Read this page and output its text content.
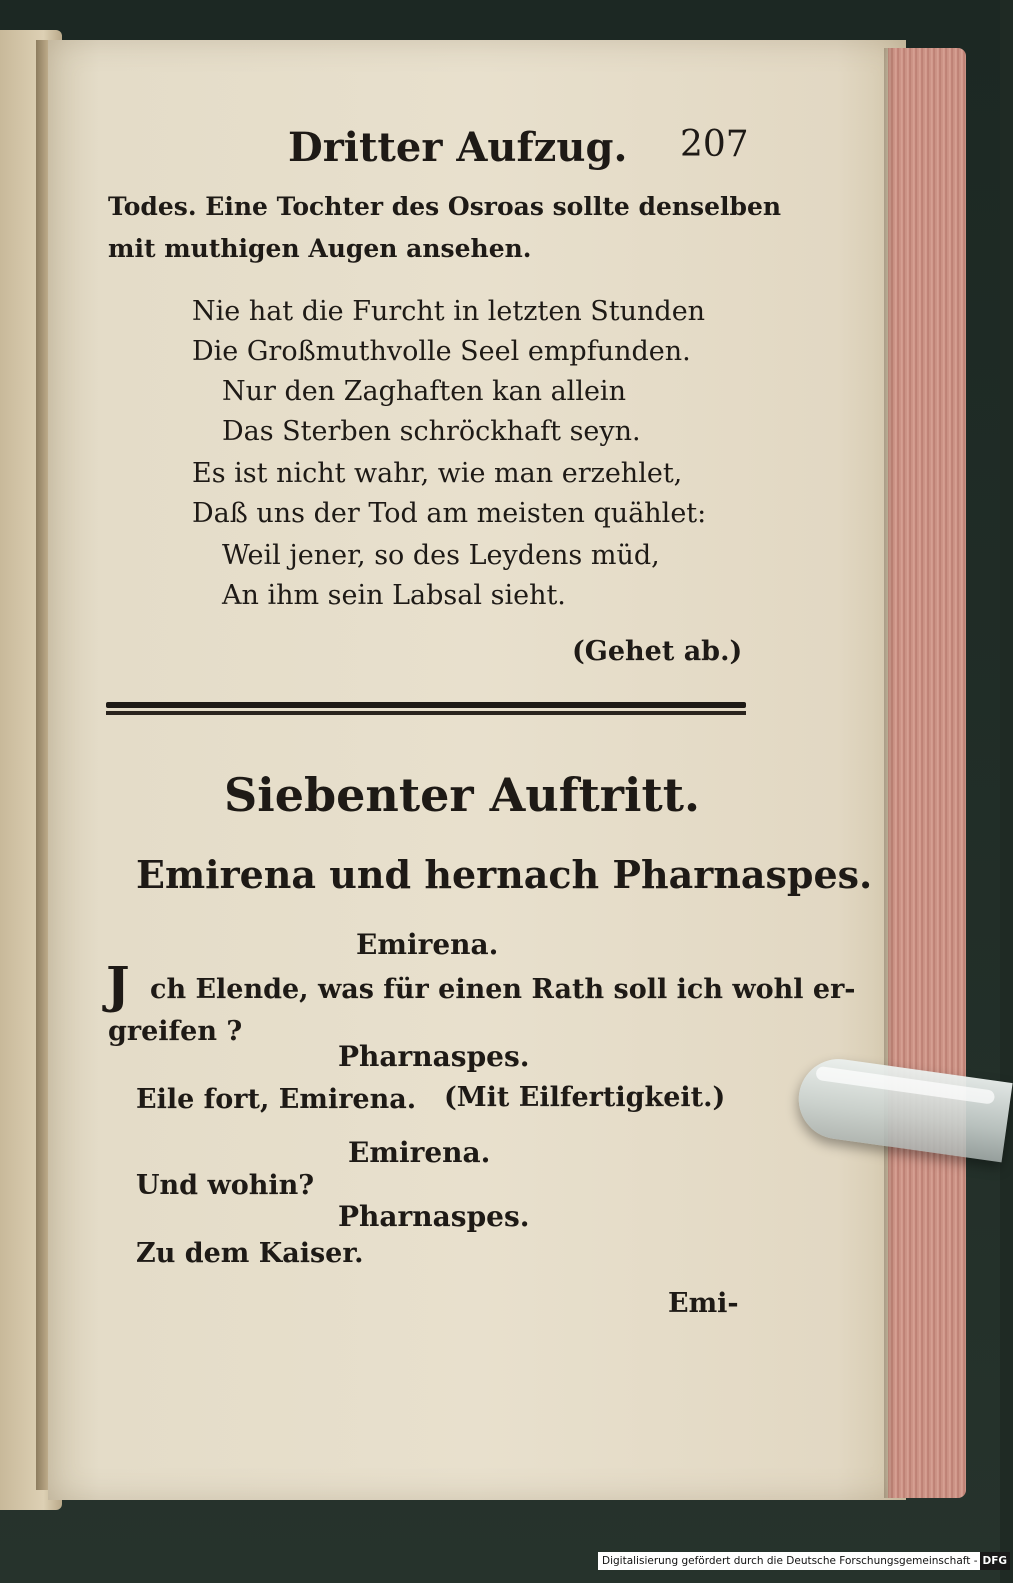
Dritter Aufzug. 207
Todes. Eine Tochter des Osroas sollte denselben
mit muthigen Augen ansehen.
Nie hat die Furcht in letzten Stunden
Die Großmuthvolle Seel empfunden.
Nur den Zaghaften kan allein
Das Sterben schröckhaft seyn.
Es ist nicht wahr, wie man erzehlet,
Daß uns der Tod am meisten quählet:
Weil jener, so des Leydens müd,
An ihm sein Labsal sieht.
(Gehet ab.)
Siebenter Auftritt.
Emirena und hernach Pharnaspes.
Emirena.
J ch Elende, was für einen Rath soll ich wohl er-
greifen ?
Pharnaspes.
Eile fort, Emirena. (Mit Eilfertigkeit.)
Emirena.
Und wohin?
Pharnaspes.
Zu dem Kaiser.
Emi-
Digitalisierung gefördert durch die Deutsche Forschungsgemeinschaft - DFG
